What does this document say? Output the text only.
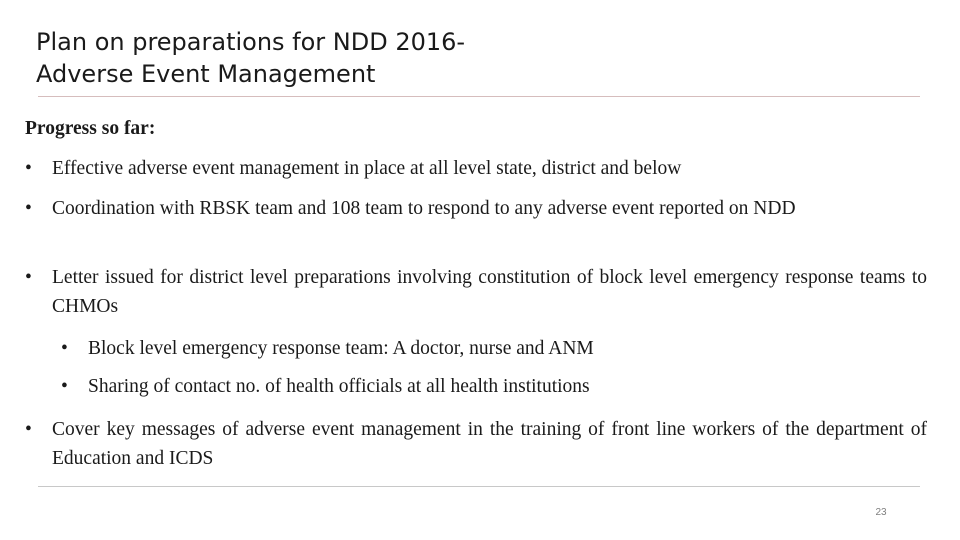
Plan on preparations for NDD 2016-
Adverse Event Management

Progress so far:

•	Effective adverse event management in place at all level state, district and below

•	Coordination with RBSK team and 108 team to respond to any adverse event reported on NDD

•	Letter issued for district level preparations involving constitution of block level emergency response teams to CHMOs

•	Block level emergency response team: A doctor, nurse and ANM

•	Sharing of contact no. of health officials at all health institutions

•	Cover key messages of adverse event management in the training of front line workers of the department of Education and ICDS

23
